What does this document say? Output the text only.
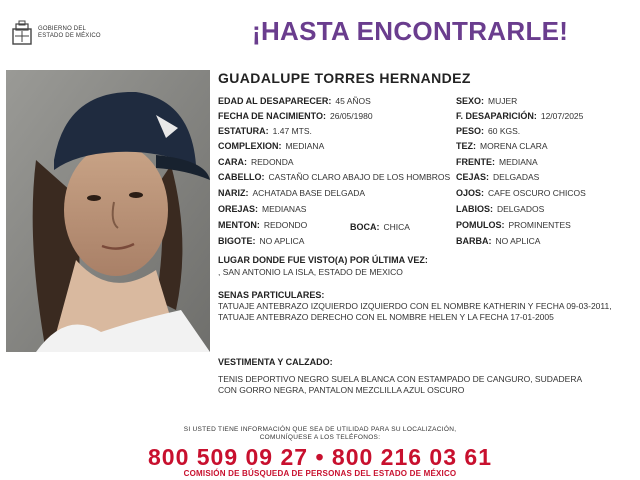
GOBIERNO DEL
ESTADO DE MÉXICO	¡HASTA ENCONTRARLE!
GUADALUPE TORRES HERNANDEZ
EDAD AL DESAPARECER: 45 AÑOS
FECHA DE NACIMIENTO: 26/05/1980
ESTATURA: 1.47 MTS.
COMPLEXION: MEDIANA
CARA: REDONDA
CABELLO: CASTAÑO CLARO ABAJO DE LOS HOMBROS
NARIZ: ACHATADA BASE DELGADA
OREJAS: MEDIANAS
MENTON: REDONDO	BOCA: CHICA
BIGOTE: NO APLICA
SEXO: MUJER
F. DESAPARICIÓN: 12/07/2025
PESO: 60 KGS.
TEZ: MORENA CLARA
FRENTE: MEDIANA
CEJAS: DELGADAS
OJOS: CAFE OSCURO CHICOS
LABIOS: DELGADOS
POMULOS: PROMINENTES
BARBA: NO APLICA
LUGAR DONDE FUE VISTO(A) POR ÚLTIMA VEZ:
, SAN ANTONIO LA ISLA, ESTADO DE MEXICO
SENAS PARTICULARES:
TATUAJE ANTEBRAZO IZQUIERDO IZQUIERDO CON EL NOMBRE KATHERIN Y FECHA 09-03-2011, TATUAJE ANTEBRAZO DERECHO CON EL NOMBRE HELEN Y LA FECHA 17-01-2005
VESTIMENTA Y CALZADO:
TENIS DEPORTIVO NEGRO SUELA BLANCA CON ESTAMPADO DE CANGURO, SUDADERA CON GORRO NEGRA, PANTALON MEZCLILLA AZUL OSCURO
SI USTED TIENE INFORMACIÓN QUE SEA DE UTILIDAD PARA SU LOCALIZACIÓN,
COMUNÍQUESE A LOS TELÉFONOS:
800 509 09 27 • 800 216 03 61
COMISIÓN DE BÚSQUEDA DE PERSONAS DEL ESTADO DE MÉXICO
